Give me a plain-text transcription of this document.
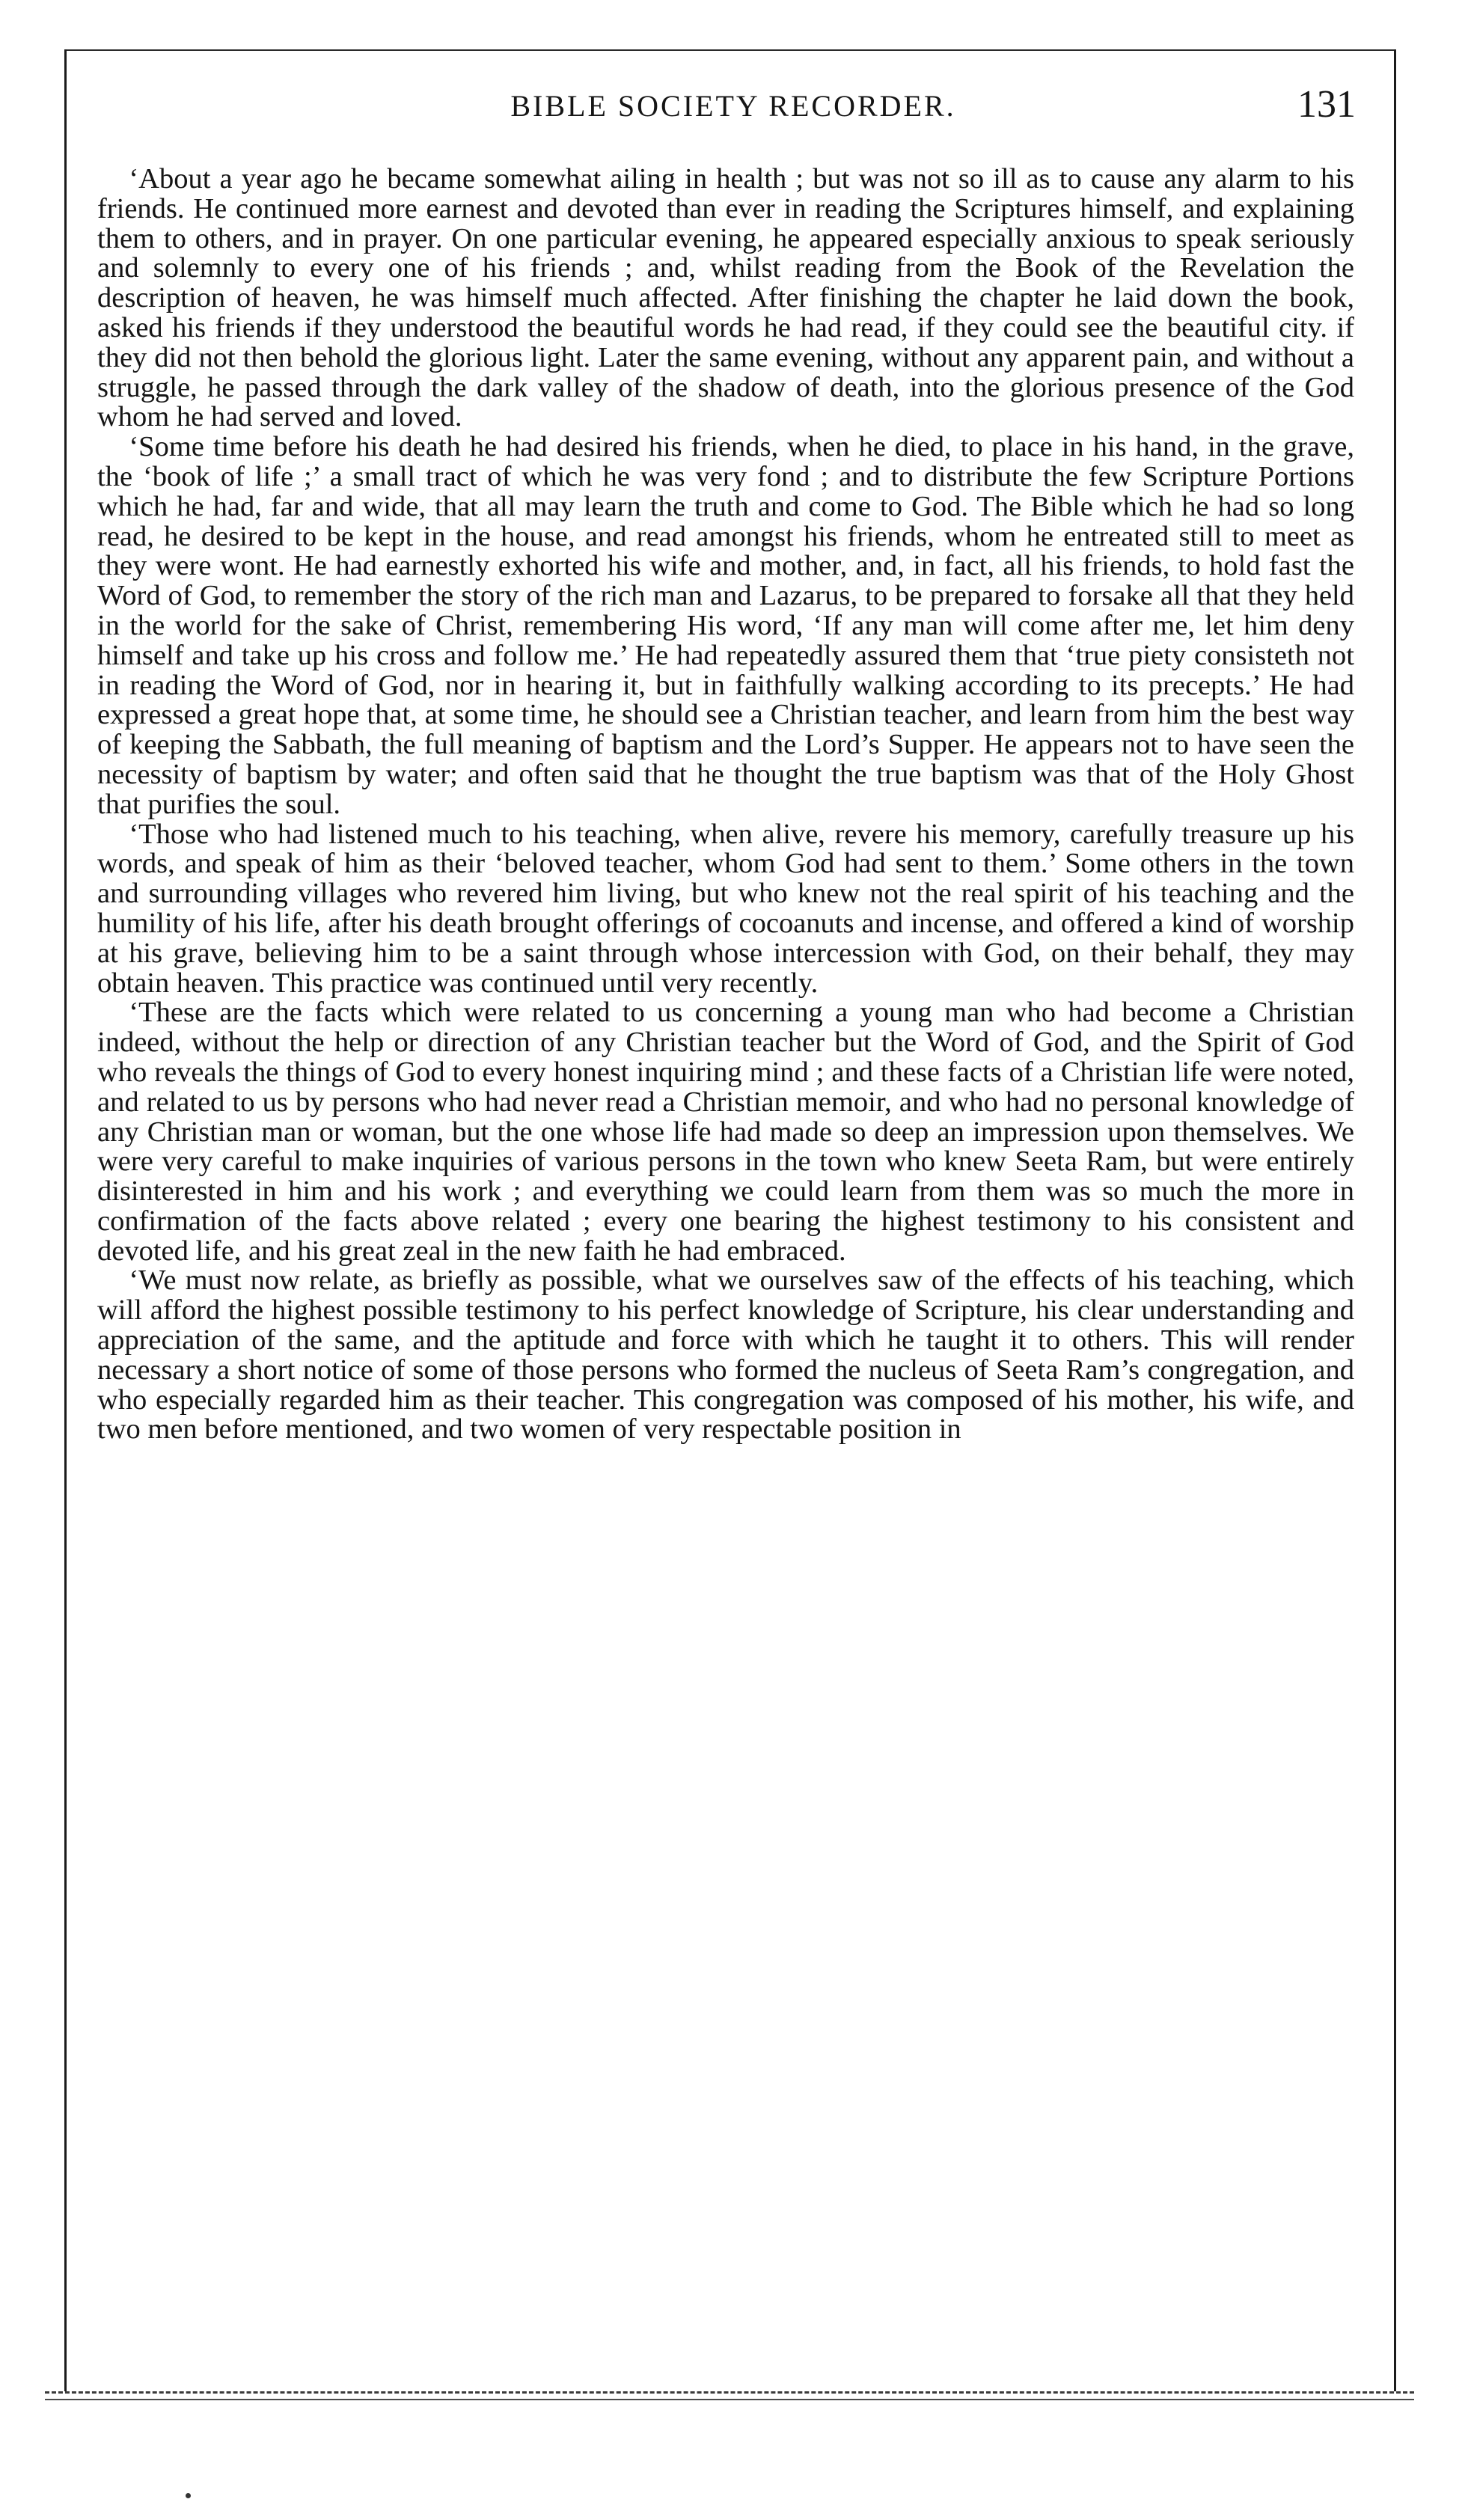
BIBLE SOCIETY RECORDER.	131

‘About a year ago he became somewhat ailing in health ; but was not so ill as to cause any alarm to his friends. He continued more earnest and devoted than ever in reading the Scriptures himself, and explaining them to others, and in prayer. On one particular evening, he appeared especially anxious to speak seriously and solemnly to every one of his friends ; and, whilst reading from the Book of the Revelation the description of heaven, he was himself much affected. After finishing the chapter he laid down the book, asked his friends if they understood the beautiful words he had read, if they could see the beautiful city. if they did not then behold the glorious light. Later the same evening, without any apparent pain, and without a struggle, he passed through the dark valley of the shadow of death, into the glorious presence of the God whom he had served and loved.

‘Some time before his death he had desired his friends, when he died, to place in his hand, in the grave, the ‘book of life ;’ a small tract of which he was very fond ; and to distribute the few Scripture Portions which he had, far and wide, that all may learn the truth and come to God. The Bible which he had so long read, he desired to be kept in the house, and read amongst his friends, whom he entreated still to meet as they were wont. He had earnestly exhorted his wife and mother, and, in fact, all his friends, to hold fast the Word of God, to remember the story of the rich man and Lazarus, to be prepared to forsake all that they held in the world for the sake of Christ, remembering His word, ‘If any man will come after me, let him deny himself and take up his cross and follow me.’ He had repeatedly assured them that ‘true piety consisteth not in reading the Word of God, nor in hearing it, but in faithfully walking according to its precepts.’ He had expressed a great hope that, at some time, he should see a Christian teacher, and learn from him the best way of keeping the Sabbath, the full meaning of baptism and the Lord’s Supper. He appears not to have seen the necessity of baptism by water; and often said that he thought the true baptism was that of the Holy Ghost that purifies the soul.

‘Those who had listened much to his teaching, when alive, revere his memory, carefully treasure up his words, and speak of him as their ‘beloved teacher, whom God had sent to them.’ Some others in the town and surrounding villages who revered him living, but who knew not the real spirit of his teaching and the humility of his life, after his death brought offerings of cocoanuts and incense, and offered a kind of worship at his grave, believing him to be a saint through whose intercession with God, on their behalf, they may obtain heaven. This practice was continued until very recently.

‘These are the facts which were related to us concerning a young man who had become a Christian indeed, without the help or direction of any Christian teacher but the Word of God, and the Spirit of God who reveals the things of God to every honest inquiring mind ; and these facts of a Christian life were noted, and related to us by persons who had never read a Christian memoir, and who had no personal knowledge of any Christian man or woman, but the one whose life had made so deep an impression upon themselves. We were very careful to make inquiries of various persons in the town who knew Seeta Ram, but were entirely disinterested in him and his work ; and everything we could learn from them was so much the more in confirmation of the facts above related ; every one bearing the highest testimony to his consistent and devoted life, and his great zeal in the new faith he had embraced.

‘We must now relate, as briefly as possible, what we ourselves saw of the effects of his teaching, which will afford the highest possible testimony to his perfect knowledge of Scripture, his clear understanding and appreciation of the same, and the aptitude and force with which he taught it to others. This will render necessary a short notice of some of those persons who formed the nucleus of Seeta Ram’s congregation, and who especially regarded him as their teacher. This congregation was composed of his mother, his wife, and two men before mentioned, and two women of very respectable position in
